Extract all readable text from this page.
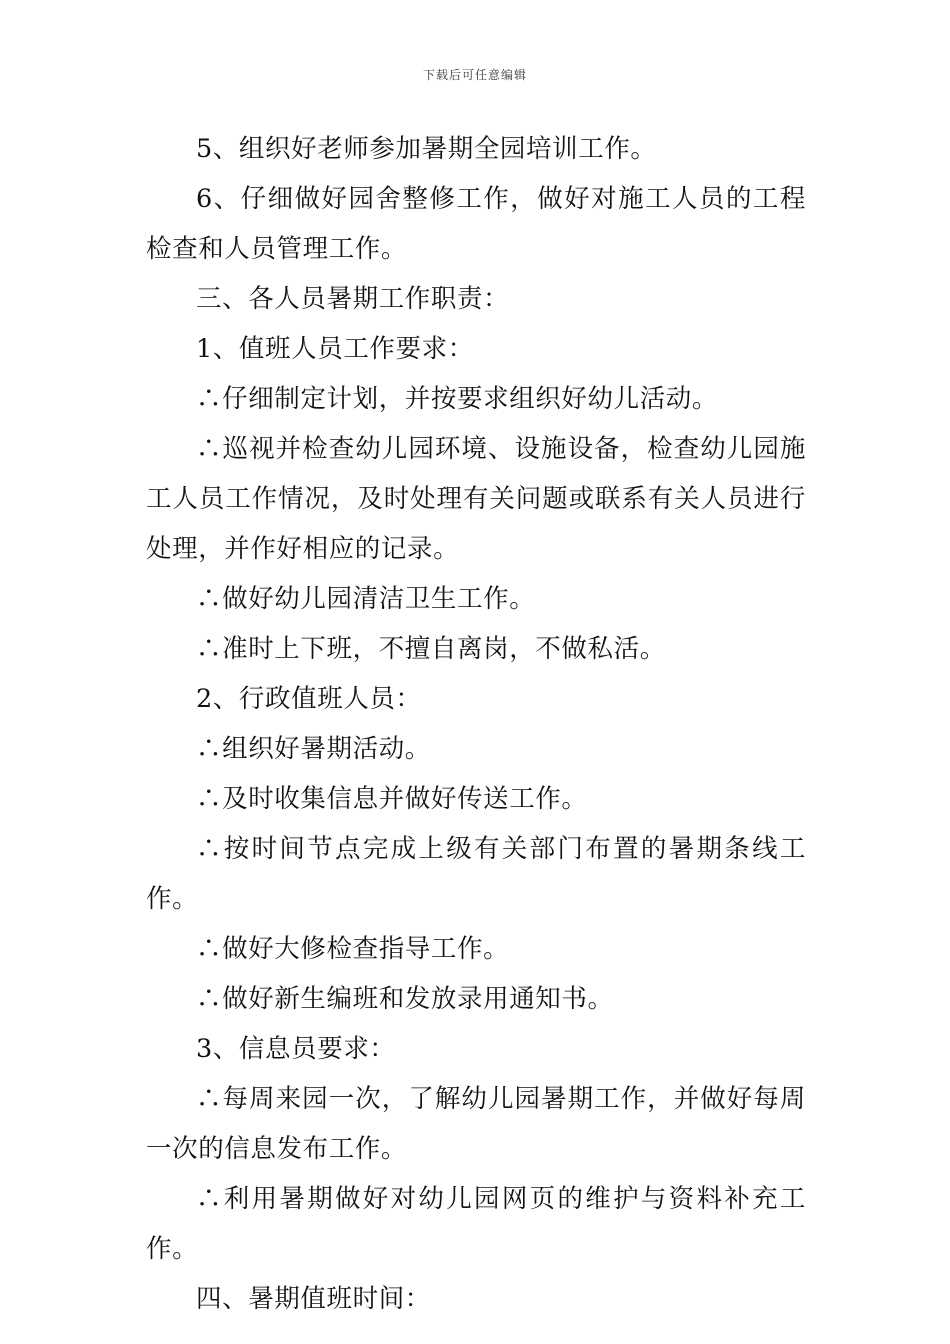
下载后可任意编辑

5、组织好老师参加暑期全园培训工作。

6、仔细做好园舍整修工作，做好对施工人员的工程检查和人员管理工作。

三、各人员暑期工作职责：

1、值班人员工作要求：

∴仔细制定计划，并按要求组织好幼儿活动。

∴巡视并检查幼儿园环境、设施设备，检查幼儿园施工人员工作情况，及时处理有关问题或联系有关人员进行处理，并作好相应的记录。

∴做好幼儿园清洁卫生工作。

∴准时上下班，不擅自离岗，不做私活。

2、行政值班人员：

∴组织好暑期活动。

∴及时收集信息并做好传送工作。

∴按时间节点完成上级有关部门布置的暑期条线工作。

∴做好大修检查指导工作。

∴做好新生编班和发放录用通知书。

3、信息员要求：

∴每周来园一次，了解幼儿园暑期工作，并做好每周一次的信息发布工作。

∴利用暑期做好对幼儿园网页的维护与资料补充工作。

四、暑期值班时间：
